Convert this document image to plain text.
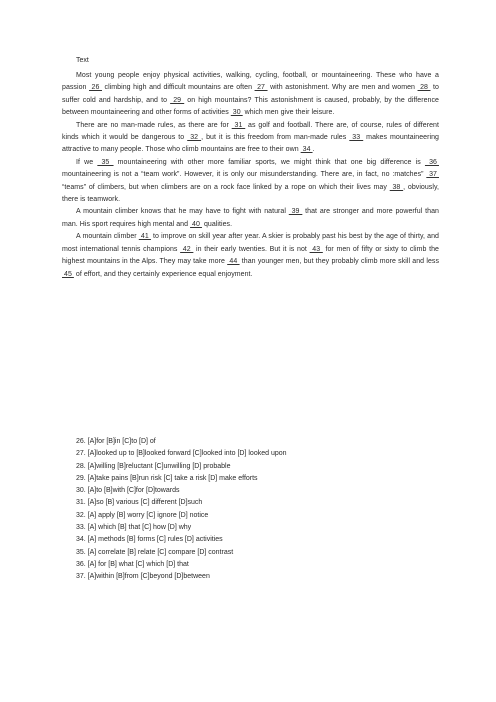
Text

Most young people enjoy physical activities, walking, cycling, football, or mountaineering. These who have a passion  26  climbing high and difficult mountains are often  27  with astonishment. Why are men and women  28  to suffer cold and hardship, and to  29  on high mountains? This astonishment is caused, probably, by the difference between mountaineering and other forms of activities  30  which men give their leisure.

There are no man-made rules, as there are for  31  as golf and football. There are, of course, rules of different kinds which it would be dangerous to  32 , but it is this freedom from man-made rules  33  makes mountaineering attractive to many people. Those who climb mountains are free to their own  34 .

If we  35  mountaineering with other more familiar sports, we might think that one big difference is  36  mountaineering is not a “team work”. However, it is only our misunderstanding. There are, in fact, no :matches”  37  “teams” of climbers, but when climbers are on a rock face linked by a rope on which their lives may  38 , obviously, there is teamwork.

A mountain climber knows that he may have to fight with natural  39  that are stronger and more powerful than man. His sport requires high mental and  40  qualities.

A mountain climber  41  to improve on skill year after year. A skier is probably past his best by the age of thirty, and most international tennis champions  42  in their early twenties. But it is not  43  for men of fifty or sixty to climb the highest mountains in the Alps. They may take more  44  than younger men, but they probably climb more skill and less  45  of effort, and they certainly experience equal enjoyment.

26. [A]for [B]in [C]to [D] of
27. [A]looked up to [B]looked forward [C]looked into [D] looked upon
28. [A]willing [B]reluctant [C]unwilling [D] probable
29. [A]take pains [B]run risk [C] take a risk [D] make efforts
30. [A]to [B]with [C]for [D]towards
31. [A]so [B] various [C] different [D]such
32. [A] apply [B] worry [C] ignore [D] notice
33. [A] which [B] that [C] how [D] why
34. [A] methods [B] forms [C] rules [D] activities
35. [A] correlate [B] relate [C] compare [D] contrast
36. [A] for [B] what [C] which [D] that
37. [A]within [B]from [C]beyond [D]between
